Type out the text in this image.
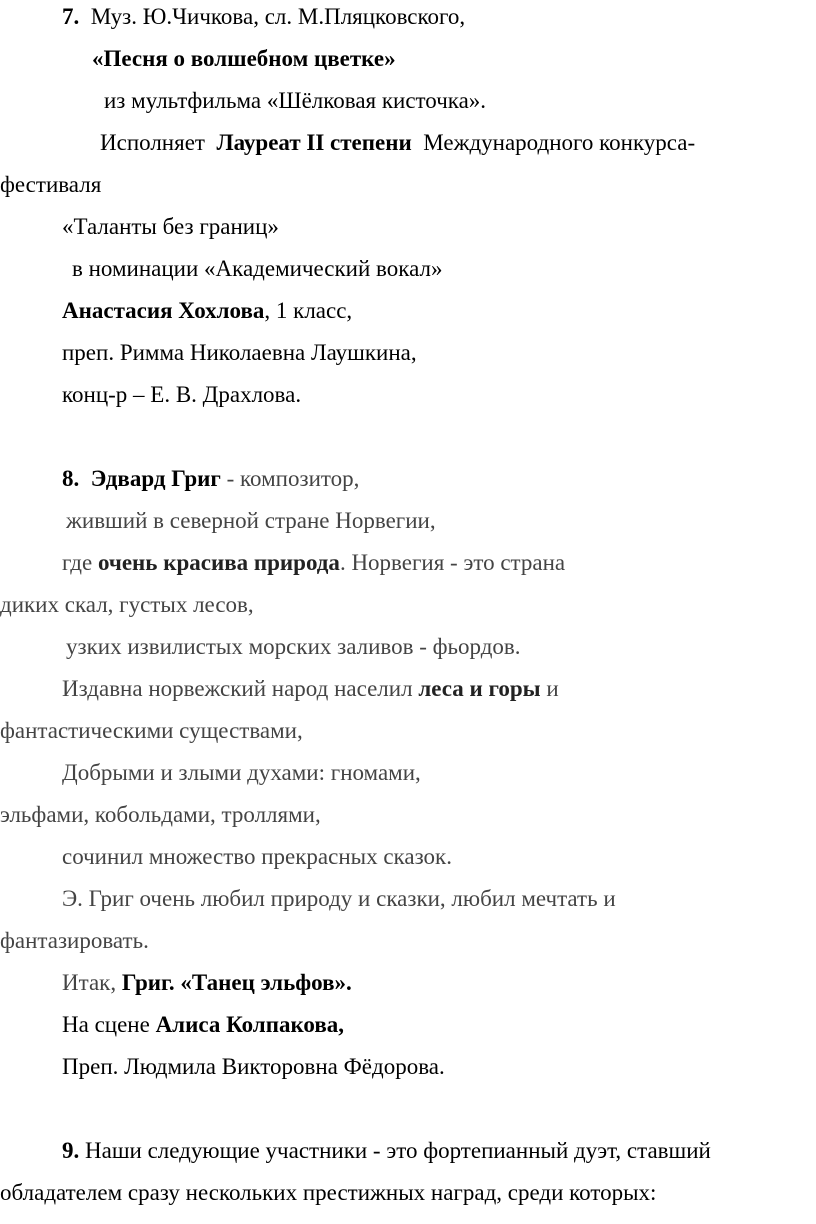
7. Муз. Ю.Чичкова, сл. М.Пляцковского,
«Песня о волшебном цветке»
из мультфильма «Шёлковая кисточка».
Исполняет Лауреат II степени Международного конкурса-
фестиваля
«Таланты без границ»
в номинации «Академический вокал»
Анастасия Хохлова, 1 класс,
преп. Римма Николаевна Лаушкина,
конц-р – Е. В. Драхлова.
8. Эдвард Григ - композитор,
живший в северной стране Норвегии,
где очень красива природа. Норвегия - это страна
диких скал, густых лесов,
узких извилистых морских заливов - фьордов.
Издавна норвежский народ населил леса и горы и
фантастическими существами,
Добрыми и злыми духами: гномами,
эльфами, кобольдами, троллями,
сочинил множество прекрасных сказок.
Э. Григ очень любил природу и сказки, любил мечтать и
фантазировать.
Итак, Григ. «Танец эльфов».
На сцене Алиса Колпакова,
Преп. Людмила Викторовна Фёдорова.
9. Наши следующие участники - это фортепианный дуэт, ставший
обладателем сразу нескольких престижных наград, среди которых:
